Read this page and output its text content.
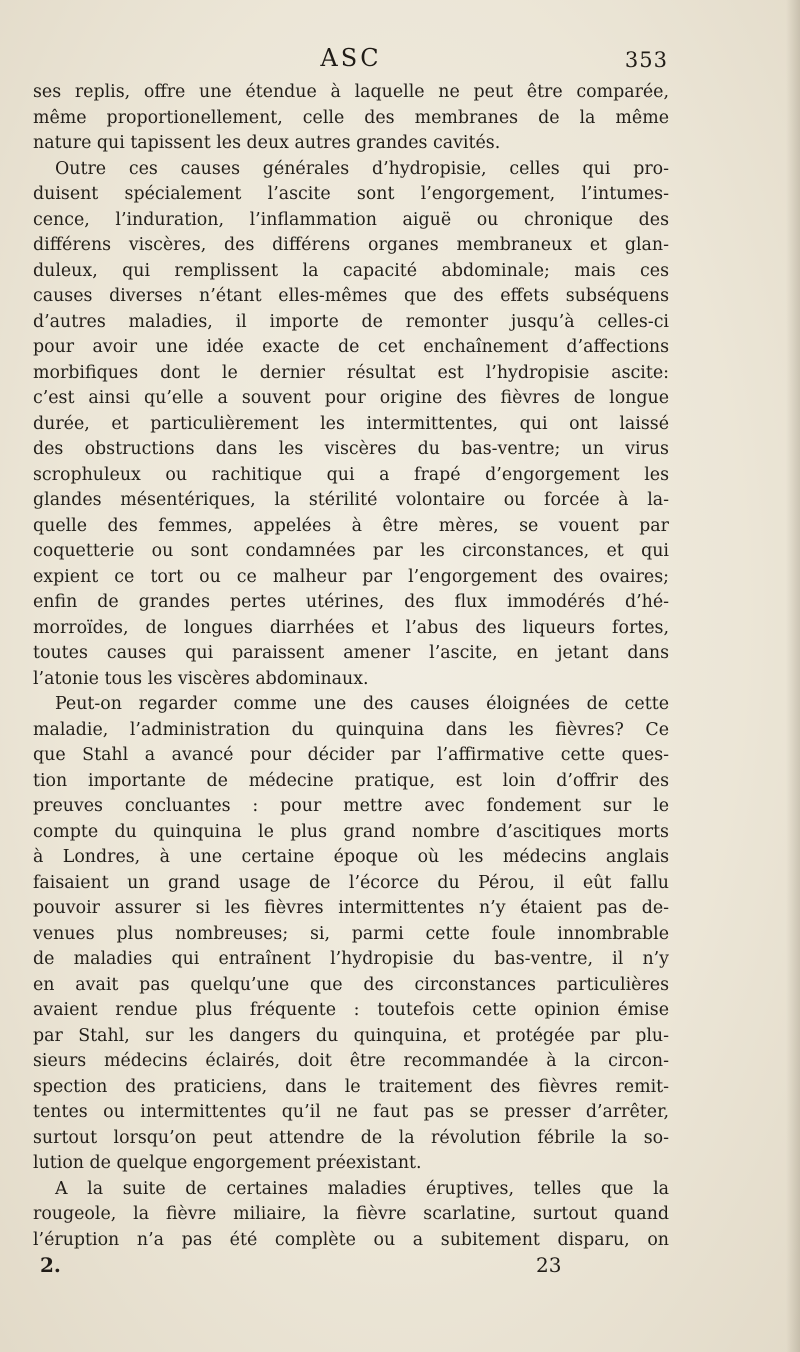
ASC	353
ses replis, offre une étendue à laquelle ne peut être comparée,
même proportionellement, celle des membranes de la même
nature qui tapissent les deux autres grandes cavités.
Outre ces causes générales d’hydropisie, celles qui pro-
duisent spécialement l’ascite sont l’engorgement, l’intumes-
cence, l’induration, l’inflammation aiguë ou chronique des
différens viscères, des différens organes membraneux et glan-
duleux, qui remplissent la capacité abdominale; mais ces
causes diverses n’étant elles-mêmes que des effets subséquens
d’autres maladies, il importe de remonter jusqu’à celles-ci
pour avoir une idée exacte de cet enchaînement d’affections
morbifiques dont le dernier résultat est l’hydropisie ascite:
c’est ainsi qu’elle a souvent pour origine des fièvres de longue
durée, et particulièrement les intermittentes, qui ont laissé
des obstructions dans les viscères du bas-ventre; un virus
scrophuleux ou rachitique qui a frapé d’engorgement les
glandes mésentériques, la stérilité volontaire ou forcée à la-
quelle des femmes, appelées à être mères, se vouent par
coquetterie ou sont condamnées par les circonstances, et qui
expient ce tort ou ce malheur par l’engorgement des ovaires;
enfin de grandes pertes utérines, des flux immodérés d’hé-
morroïdes, de longues diarrhées et l’abus des liqueurs fortes,
toutes causes qui paraissent amener l’ascite, en jetant dans
l’atonie tous les viscères abdominaux.
Peut-on regarder comme une des causes éloignées de cette
maladie, l’administration du quinquina dans les fièvres? Ce
que Stahl a avancé pour décider par l’affirmative cette ques-
tion importante de médecine pratique, est loin d’offrir des
preuves concluantes : pour mettre avec fondement sur le
compte du quinquina le plus grand nombre d’ascitiques morts
à Londres, à une certaine époque où les médecins anglais
faisaient un grand usage de l’écorce du Pérou, il eût fallu
pouvoir assurer si les fièvres intermittentes n’y étaient pas de-
venues plus nombreuses; si, parmi cette foule innombrable
de maladies qui entraînent l’hydropisie du bas-ventre, il n’y
en avait pas quelqu’une que des circonstances particulières
avaient rendue plus fréquente : toutefois cette opinion émise
par Stahl, sur les dangers du quinquina, et protégée par plu-
sieurs médecins éclairés, doit être recommandée à la circon-
spection des praticiens, dans le traitement des fièvres remit-
tentes ou intermittentes qu’il ne faut pas se presser d’arrêter,
surtout lorsqu’on peut attendre de la révolution fébrile la so-
lution de quelque engorgement préexistant.
A la suite de certaines maladies éruptives, telles que la
rougeole, la fièvre miliaire, la fièvre scarlatine, surtout quand
l’éruption n’a pas été complète ou a subitement disparu, on
2.	23
